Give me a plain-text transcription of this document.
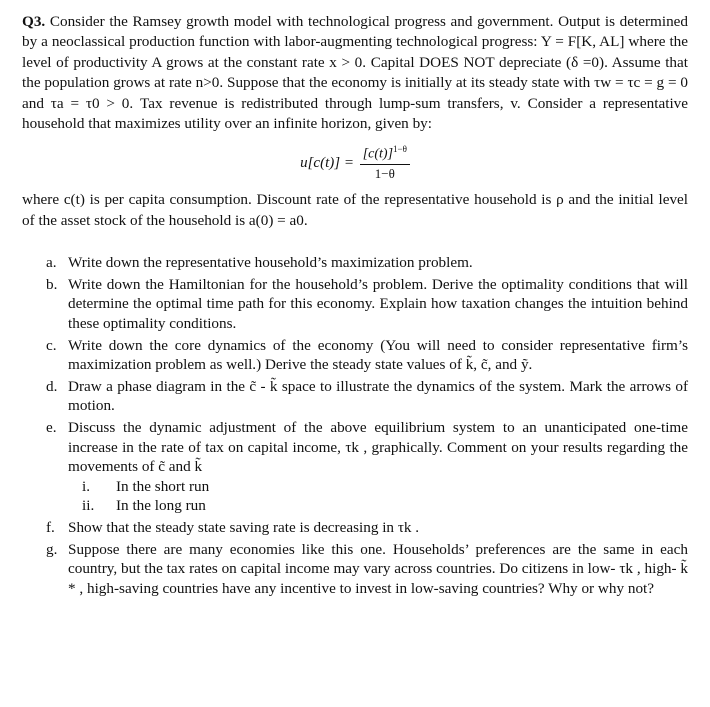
Q3. Consider the Ramsey growth model with technological progress and government. Output is determined by a neoclassical production function with labor-augmenting technological progress: Y = F[K, AL] where the level of productivity A grows at the constant rate x > 0. Capital DOES NOT depreciate (δ =0). Assume that the population grows at rate n>0. Suppose that the economy is initially at its steady state with τw = τc = g = 0 and τa = τ0 > 0. Tax revenue is redistributed through lump-sum transfers, v. Consider a representative household that maximizes utility over an infinite horizon, given by:

$u[c(t)] = \frac{[c(t)]^{1-\theta}}{1-\theta}$

where c(t) is per capita consumption. Discount rate of the representative household is ρ and the initial level of the asset stock of the household is a(0) = a0.

a. Write down the representative household’s maximization problem.
b. Write down the Hamiltonian for the household’s problem. Derive the optimality conditions that will determine the optimal time path for this economy. Explain how taxation changes the intuition behind these optimality conditions.
c. Write down the core dynamics of the economy (You will need to consider representative firm’s maximization problem as well.) Derive the steady state values of k̃, c̃, and ỹ.
d. Draw a phase diagram in the c̃ - k̃ space to illustrate the dynamics of the system. Mark the arrows of motion.
e. Discuss the dynamic adjustment of the above equilibrium system to an unanticipated one-time increase in the rate of tax on capital income, τk , graphically. Comment on your results regarding the movements of c̃ and k̃
i. In the short run
ii. In the long run
f. Show that the steady state saving rate is decreasing in τk .
g. Suppose there are many economies like this one. Households’ preferences are the same in each country, but the tax rates on capital income may vary across countries. Do citizens in low- τk , high- k̃ * , high-saving countries have any incentive to invest in low-saving countries? Why or why not?
